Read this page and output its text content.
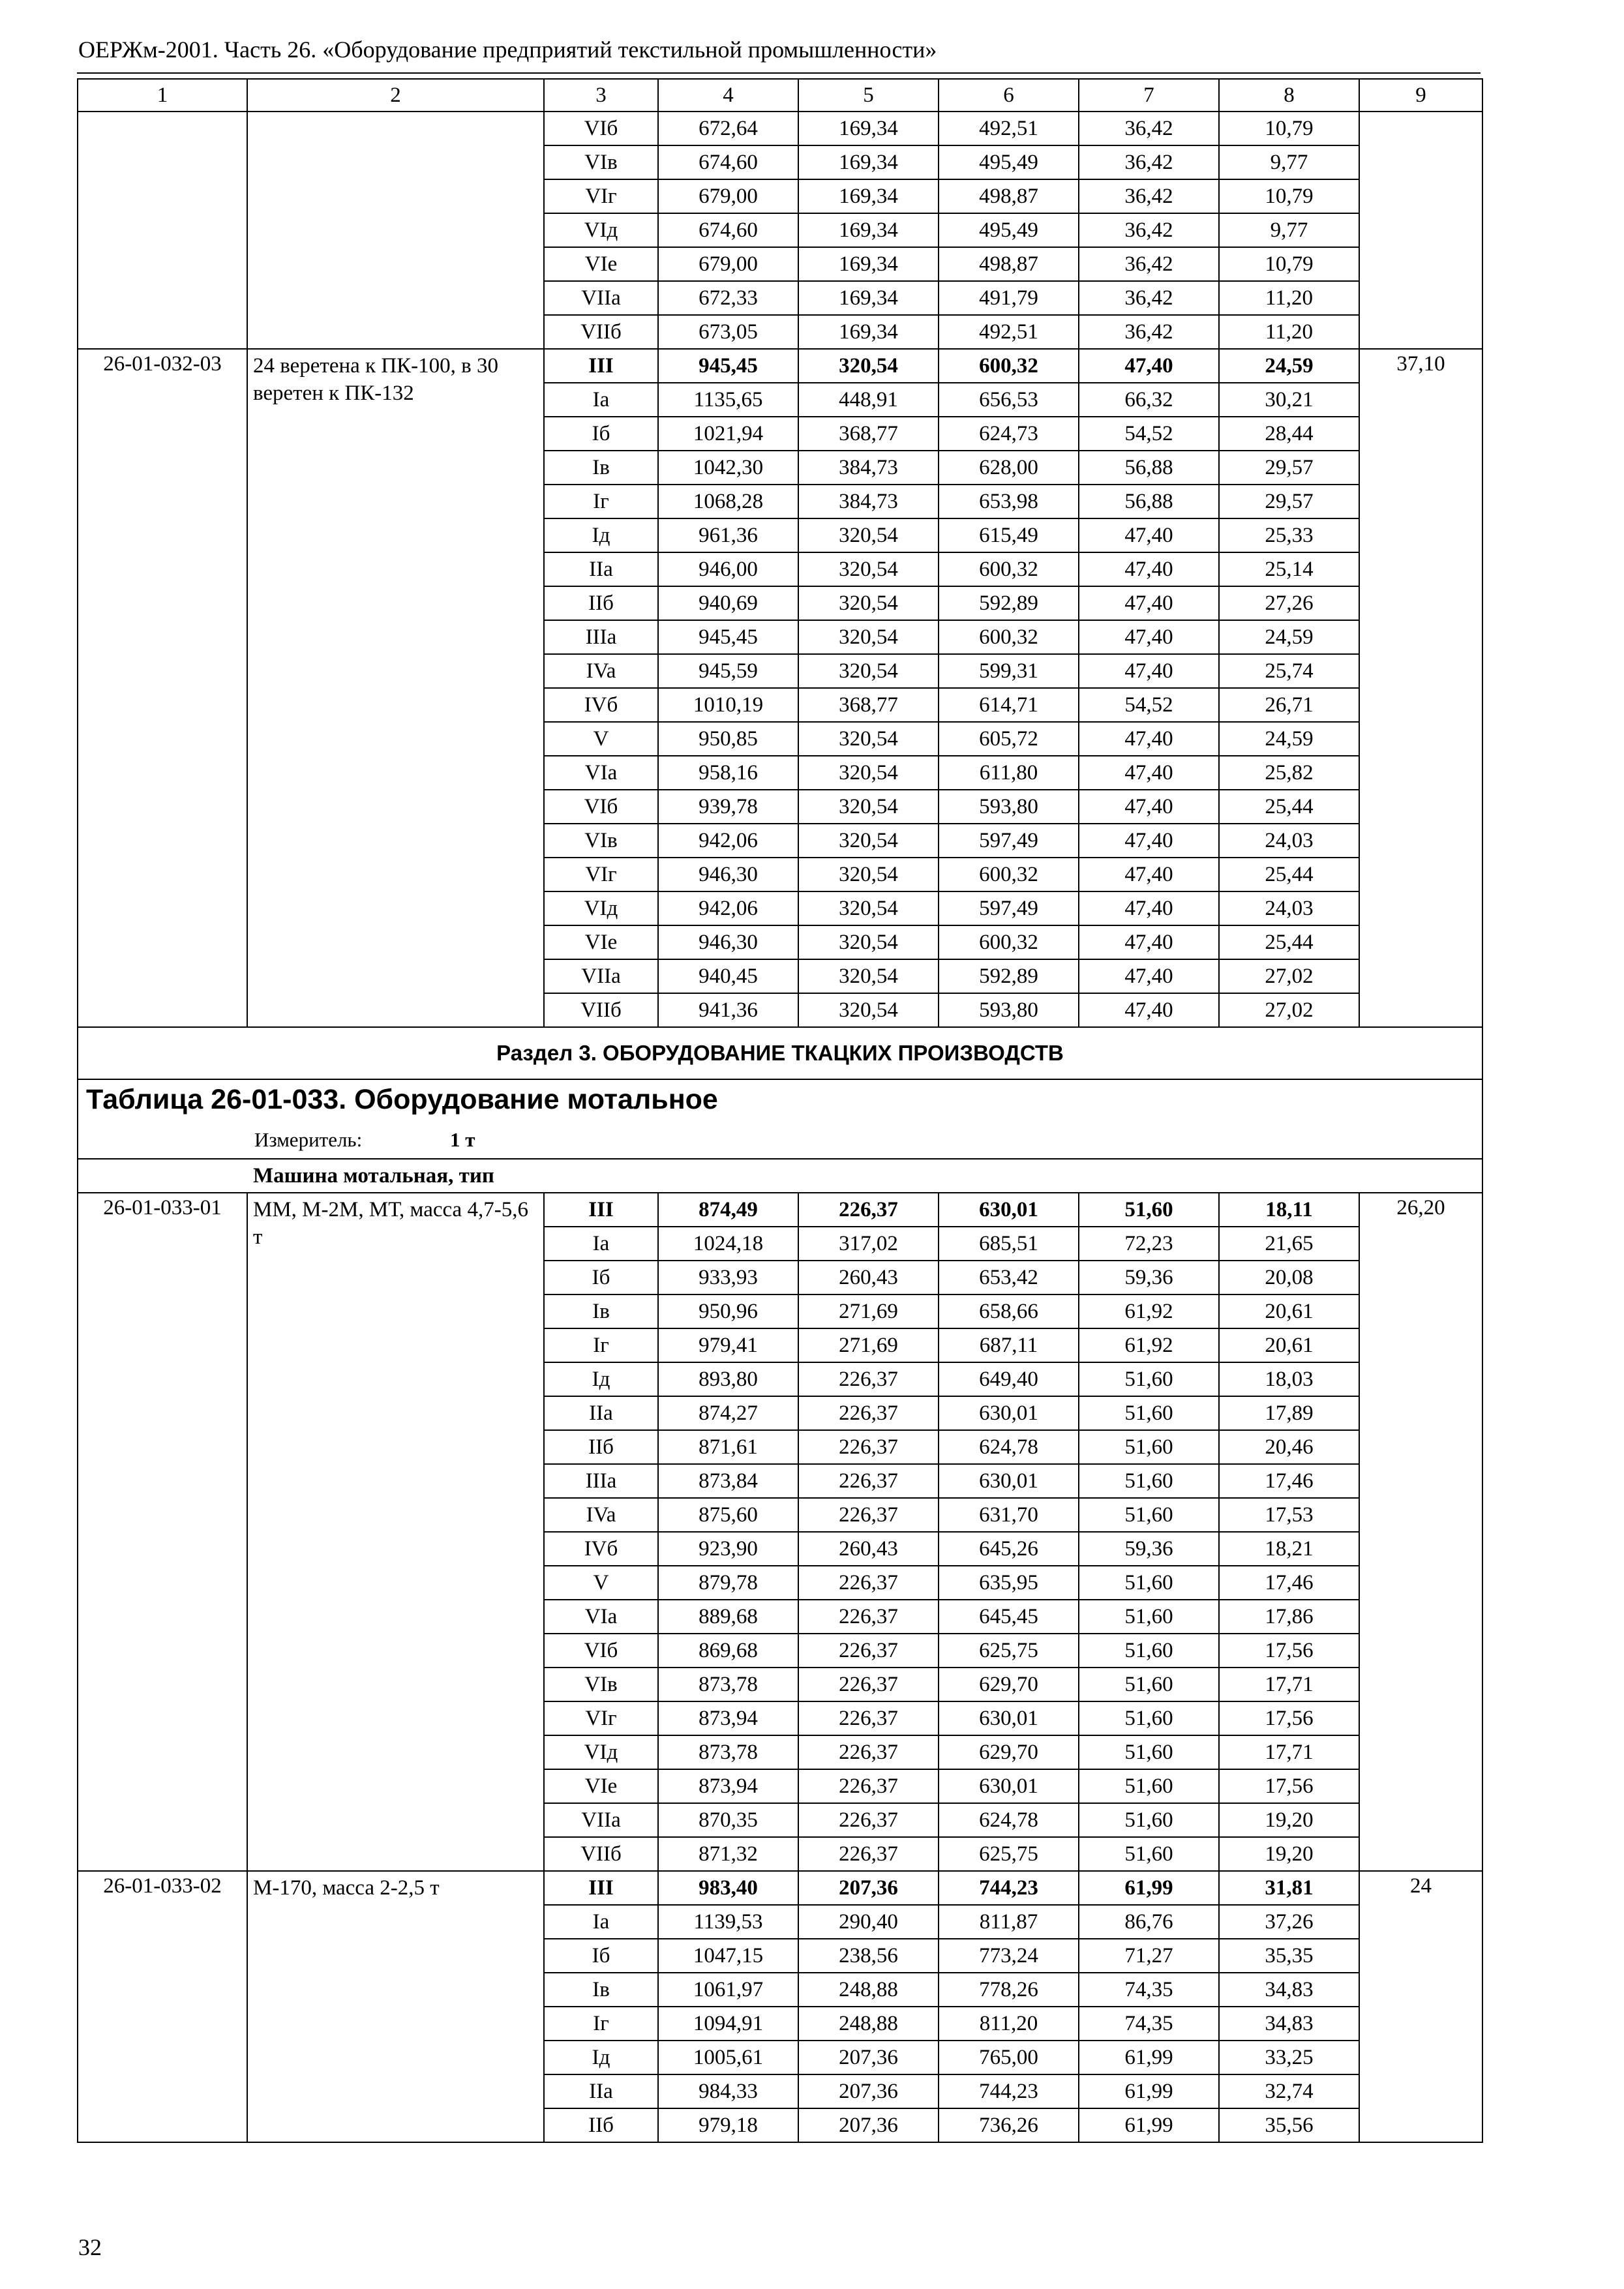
ОЕРЖм-2001. Часть 26. «Оборудование предприятий текстильной промышленности»
1	2	3	4	5	6	7	8	9
		VIб	672,64	169,34	492,51	36,42	10,79	
		VIв	674,60	169,34	495,49	36,42	9,77	
		VIг	679,00	169,34	498,87	36,42	10,79	
		VIд	674,60	169,34	495,49	36,42	9,77	
		VIe	679,00	169,34	498,87	36,42	10,79	
		VIIa	672,33	169,34	491,79	36,42	11,20	
		VIIб	673,05	169,34	492,51	36,42	11,20	
26-01-032-03	24 веретена к ПК-100, в 30 веретен к ПК-132	III	945,45	320,54	600,32	47,40	24,59	37,10
		Ia	1135,65	448,91	656,53	66,32	30,21	
		Iб	1021,94	368,77	624,73	54,52	28,44	
		Iв	1042,30	384,73	628,00	56,88	29,57	
		Iг	1068,28	384,73	653,98	56,88	29,57	
		Iд	961,36	320,54	615,49	47,40	25,33	
		IIa	946,00	320,54	600,32	47,40	25,14	
		IIб	940,69	320,54	592,89	47,40	27,26	
		IIIa	945,45	320,54	600,32	47,40	24,59	
		IVa	945,59	320,54	599,31	47,40	25,74	
		IVб	1010,19	368,77	614,71	54,52	26,71	
		V	950,85	320,54	605,72	47,40	24,59	
		VIa	958,16	320,54	611,80	47,40	25,82	
		VIб	939,78	320,54	593,80	47,40	25,44	
		VIв	942,06	320,54	597,49	47,40	24,03	
		VIг	946,30	320,54	600,32	47,40	25,44	
		VIд	942,06	320,54	597,49	47,40	24,03	
		VIe	946,30	320,54	600,32	47,40	25,44	
		VIIa	940,45	320,54	592,89	47,40	27,02	
		VIIб	941,36	320,54	593,80	47,40	27,02	
Раздел 3. ОБОРУДОВАНИЕ ТКАЦКИХ ПРОИЗВОДСТВ								

Таблица 26-01-033. Оборудование мотальное
Измеритель: 1 т								

Машина мотальная, тип								
26-01-033-01	ММ, М-2М, МТ, масса 4,7-5,6 т	III	874,49	226,37	630,01	51,60	18,11	26,20
		Ia	1024,18	317,02	685,51	72,23	21,65	
		Iб	933,93	260,43	653,42	59,36	20,08	
		Iв	950,96	271,69	658,66	61,92	20,61	
		Iг	979,41	271,69	687,11	61,92	20,61	
		Iд	893,80	226,37	649,40	51,60	18,03	
		IIa	874,27	226,37	630,01	51,60	17,89	
		IIб	871,61	226,37	624,78	51,60	20,46	
		IIIa	873,84	226,37	630,01	51,60	17,46	
		IVa	875,60	226,37	631,70	51,60	17,53	
		IVб	923,90	260,43	645,26	59,36	18,21	
		V	879,78	226,37	635,95	51,60	17,46	
		VIa	889,68	226,37	645,45	51,60	17,86	
		VIб	869,68	226,37	625,75	51,60	17,56	
		VIв	873,78	226,37	629,70	51,60	17,71	
		VIг	873,94	226,37	630,01	51,60	17,56	
		VIд	873,78	226,37	629,70	51,60	17,71	
		VIe	873,94	226,37	630,01	51,60	17,56	
		VIIa	870,35	226,37	624,78	51,60	19,20	
		VIIб	871,32	226,37	625,75	51,60	19,20	
26-01-033-02	М-170, масса 2-2,5 т	III	983,40	207,36	744,23	61,99	31,81	24
		Ia	1139,53	290,40	811,87	86,76	37,26	
		Iб	1047,15	238,56	773,24	71,27	35,35	
		Iв	1061,97	248,88	778,26	74,35	34,83	
		Iг	1094,91	248,88	811,20	74,35	34,83	
		Iд	1005,61	207,36	765,00	61,99	33,25	
		IIa	984,33	207,36	744,23	61,99	32,74	
		IIб	979,18	207,36	736,26	61,99	35,56	
32
